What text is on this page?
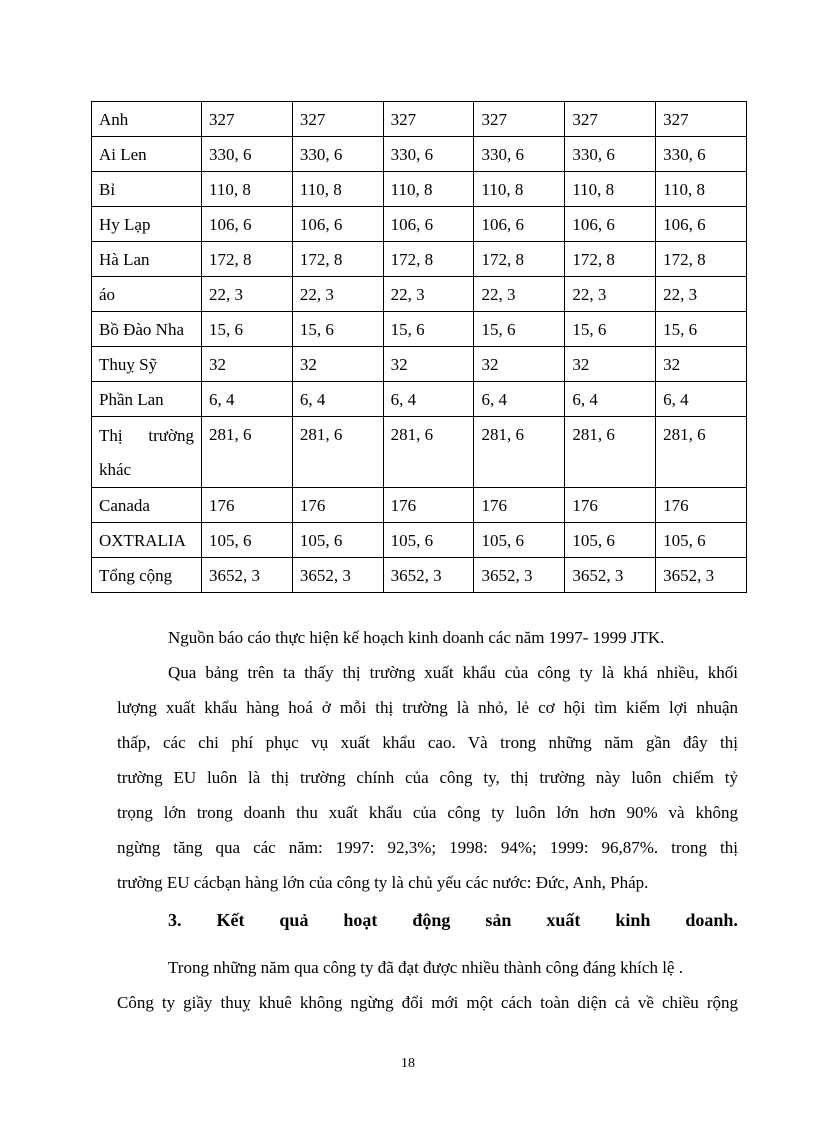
Anh	327	327	327	327	327	327
Ai Len	330, 6	330, 6	330, 6	330, 6	330, 6	330, 6
Bỉ	110, 8	110, 8	110, 8	110, 8	110, 8	110, 8
Hy Lạp	106, 6	106, 6	106, 6	106, 6	106, 6	106, 6
Hà Lan	172, 8	172, 8	172, 8	172, 8	172, 8	172, 8
áo	22, 3	22, 3	22, 3	22, 3	22, 3	22, 3
Bồ Đào Nha	15, 6	15, 6	15, 6	15, 6	15, 6	15, 6
Thuỵ Sỹ	32	32	32	32	32	32
Phần Lan	6, 4	6, 4	6, 4	6, 4	6, 4	6, 4
Thị trường khác	281, 6	281, 6	281, 6	281, 6	281, 6	281, 6
Canada	176	176	176	176	176	176
OXTRALIA	105, 6	105, 6	105, 6	105, 6	105, 6	105, 6
Tổng cộng	3652, 3	3652, 3	3652, 3	3652, 3	3652, 3	3652, 3
Nguồn báo cáo thực hiện kế hoạch kinh doanh các năm 1997- 1999 JTK.
Qua bảng trên ta thấy thị trường xuất khẩu của công ty là khá nhiều, khối
lượng xuất khẩu hàng hoá ở mỗi thị trường là nhỏ, lẻ cơ hội tìm kiếm lợi nhuận
thấp, các chi phí phục vụ xuất khẩu cao. Và trong những năm gần đây thị
trường EU luôn là thị trường chính của công ty, thị trường này luôn chiếm tỷ
trọng lớn trong doanh thu xuất khẩu của công ty luôn lớn hơn 90% và không
ngừng tăng qua các năm: 1997: 92,3%; 1998: 94%; 1999: 96,87%. trong thị
trường EU cácbạn hàng lớn của công ty là chủ yếu các nước: Đức, Anh, Pháp.
3. Kết quả hoạt động sản xuất kinh doanh.
Trong những năm qua công ty đã đạt được nhiều thành công đáng khích lệ .
Công ty giầy thuỵ khuê không ngừng đổi mới một cách toàn diện cả về chiều rộng
18
